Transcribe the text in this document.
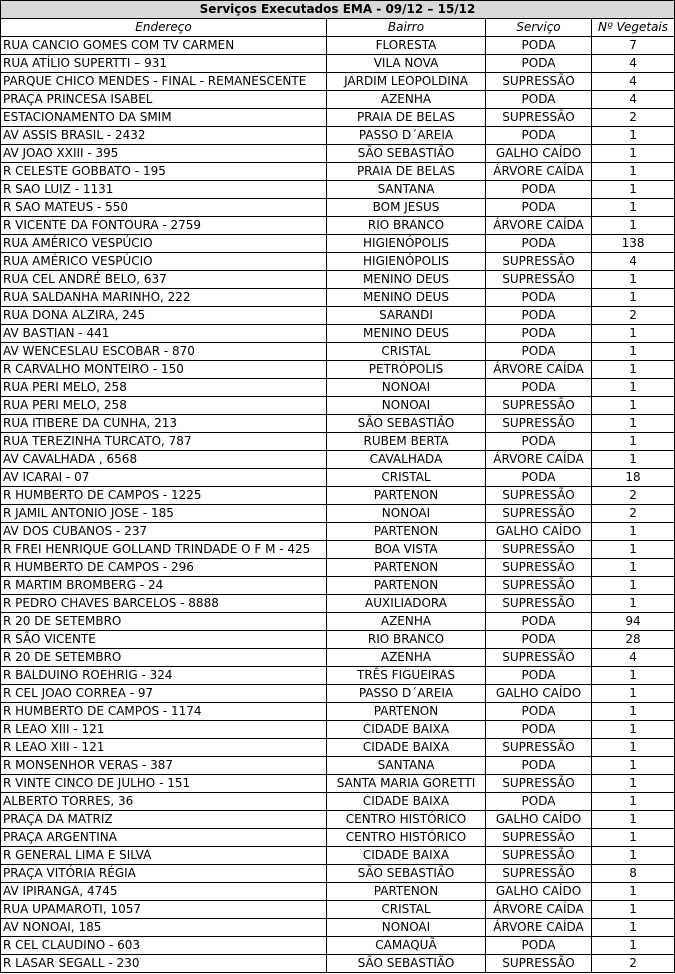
Serviços Executados EMA - 09/12 – 15/12			
Endereço	Bairro	Serviço	Nº Vegetais
RUA CANCIO GOMES COM TV CARMEN	FLORESTA	PODA	7
RUA ATÍLIO SUPERTTI – 931	VILA NOVA	PODA	4
PARQUE CHICO MENDES - FINAL - REMANESCENTE	JARDIM LEOPOLDINA	SUPRESSÃO	4
PRAÇA PRINCESA ISABEL	AZENHA	PODA	4
ESTACIONAMENTO DA SMIM	PRAIA DE BELAS	SUPRESSÃO	2
AV ASSIS BRASIL - 2432	PASSO D´AREIA	PODA	1
AV JOAO XXIII - 395	SÃO SEBASTIÃO	GALHO CAÍDO	1
R CELESTE GOBBATO - 195	PRAIA DE BELAS	ÁRVORE CAÍDA	1
R SAO LUIZ - 1131	SANTANA	PODA	1
R SAO MATEUS - 550	BOM JESUS	PODA	1
R VICENTE DA FONTOURA - 2759	RIO BRANCO	ÁRVORE CAÍDA	1
RUA AMÉRICO VESPÚCIO	HIGIENÓPOLIS	PODA	138
RUA AMÉRICO VESPÚCIO	HIGIENÓPOLIS	SUPRESSÃO	4
RUA CEL ANDRÉ BELO, 637	MENINO DEUS	SUPRESSÃO	1
RUA SALDANHA MARINHO, 222	MENINO DEUS	PODA	1
RUA DONA ALZIRA, 245	SARANDI	PODA	2
AV BASTIAN - 441	MENINO DEUS	PODA	1
AV WENCESLAU ESCOBAR - 870	CRISTAL	PODA	1
R CARVALHO MONTEIRO - 150	PETRÓPOLIS	ÁRVORE CAÍDA	1
RUA PERI MELO, 258	NONOAI	PODA	1
RUA PERI MELO, 258	NONOAI	SUPRESSÃO	1
RUA ITIBERE DA CUNHA, 213	SÃO SEBASTIÃO	SUPRESSÃO	1
RUA TEREZINHA TURCATO, 787	RUBEM BERTA	PODA	1
AV CAVALHADA , 6568	CAVALHADA	ÁRVORE CAÍDA	1
AV ICARAI - 07	CRISTAL	PODA	18
R HUMBERTO DE CAMPOS - 1225	PARTENON	SUPRESSÃO	2
R JAMIL ANTONIO JOSE - 185	NONOAI	SUPRESSÃO	2
AV DOS CUBANOS - 237	PARTENON	GALHO CAÍDO	1
R FREI HENRIQUE GOLLAND TRINDADE O F M - 425	BOA VISTA	SUPRESSÃO	1
R HUMBERTO DE CAMPOS - 296	PARTENON	SUPRESSÃO	1
R MARTIM BROMBERG - 24	PARTENON	SUPRESSÃO	1
R PEDRO CHAVES BARCELOS - 8888	AUXILIADORA	SUPRESSÃO	1
R 20 DE SETEMBRO	AZENHA	PODA	94
R SÃO VICENTE	RIO BRANCO	PODA	28
R 20 DE SETEMBRO	AZENHA	SUPRESSÃO	4
R BALDUINO ROEHRIG - 324	TRÊS FIGUEIRAS	PODA	1
R CEL JOAO CORREA - 97	PASSO D´AREIA	GALHO CAÍDO	1
R HUMBERTO DE CAMPOS - 1174	PARTENON	PODA	1
R LEAO XIII - 121	CIDADE BAIXA	PODA	1
R LEAO XIII - 121	CIDADE BAIXA	SUPRESSÃO	1
R MONSENHOR VERAS - 387	SANTANA	PODA	1
R VINTE CINCO DE JULHO - 151	SANTA MARIA GORETTI	SUPRESSÃO	1
ALBERTO TORRES, 36	CIDADE BAIXA	PODA	1
PRAÇA DA MATRIZ	CENTRO HISTÓRICO	GALHO CAÍDO	1
PRAÇA ARGENTINA	CENTRO HISTÓRICO	SUPRESSÃO	1
R GENERAL LIMA E SILVA	CIDADE BAIXA	SUPRESSÃO	1
PRAÇA VITÓRIA RÉGIA	SÃO SEBASTIÃO	SUPRESSÃO	8
AV IPIRANGA, 4745	PARTENON	GALHO CAÍDO	1
RUA UPAMAROTI, 1057	CRISTAL	ÁRVORE CAÍDA	1
AV NONOAI, 185	NONOAI	ÁRVORE CAÍDA	1
R CEL CLAUDINO - 603	CAMAQUÃ	PODA	1
R LASAR SEGALL - 230	SÃO SEBASTIÃO	SUPRESSÃO	2
